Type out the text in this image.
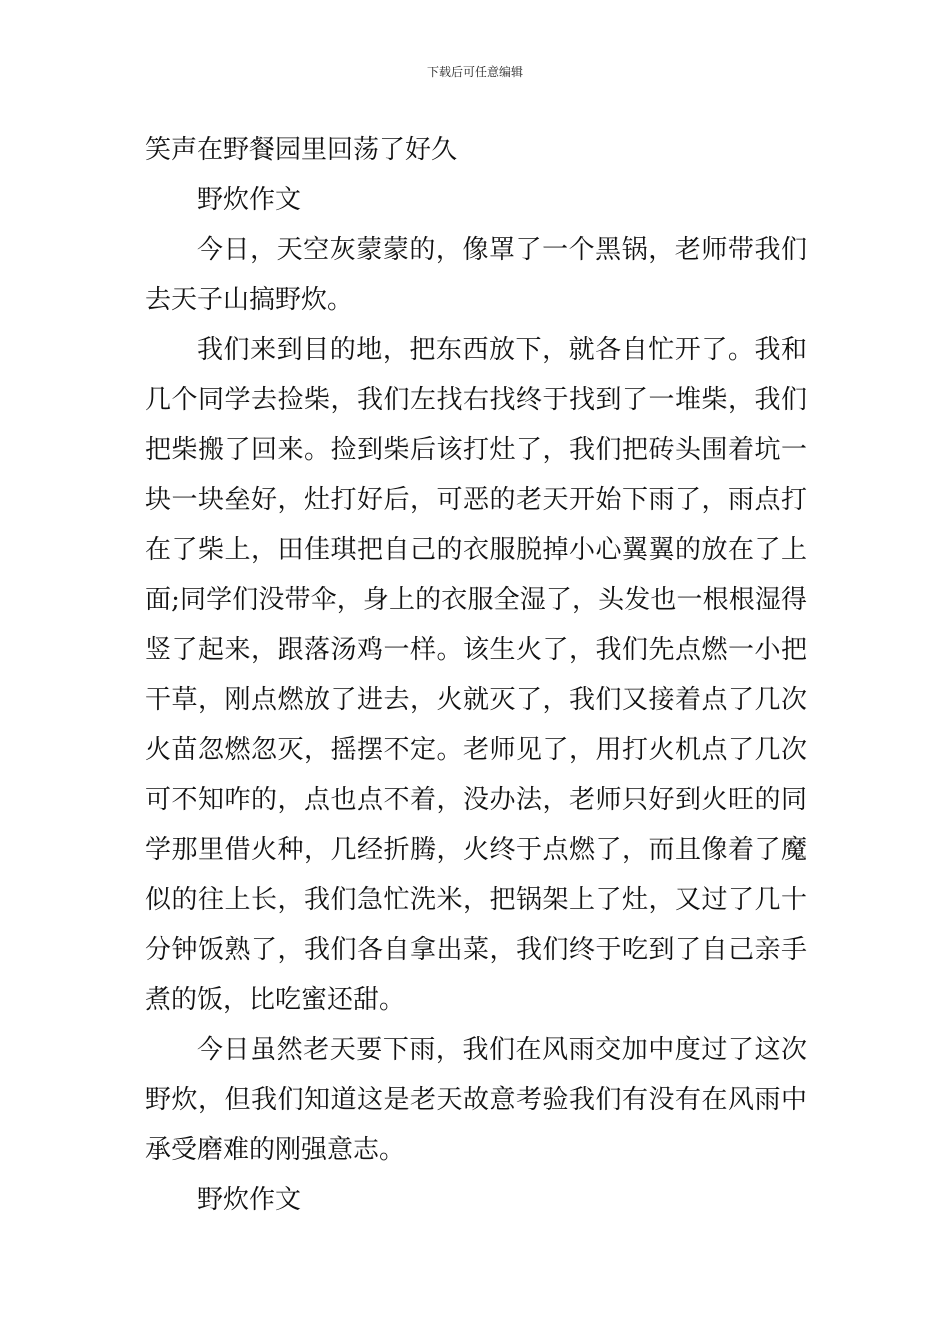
下载后可任意编辑

笑声在野餐园里回荡了好久

野炊作文

今日，天空灰蒙蒙的，像罩了一个黑锅，老师带我们去天子山搞野炊。

我们来到目的地，把东西放下，就各自忙开了。我和几个同学去捡柴，我们左找右找终于找到了一堆柴，我们把柴搬了回来。捡到柴后该打灶了，我们把砖头围着坑一块一块垒好，灶打好后，可恶的老天开始下雨了，雨点打在了柴上，田佳琪把自己的衣服脱掉小心翼翼的放在了上面;同学们没带伞，身上的衣服全湿了，头发也一根根湿得竖了起来，跟落汤鸡一样。该生火了，我们先点燃一小把干草，刚点燃放了进去，火就灭了，我们又接着点了几次火苗忽燃忽灭，摇摆不定。老师见了，用打火机点了几次可不知咋的，点也点不着，没办法，老师只好到火旺的同学那里借火种，几经折腾，火终于点燃了，而且像着了魔似的往上长，我们急忙洗米，把锅架上了灶，又过了几十分钟饭熟了，我们各自拿出菜，我们终于吃到了自己亲手煮的饭，比吃蜜还甜。

今日虽然老天要下雨，我们在风雨交加中度过了这次野炊，但我们知道这是老天故意考验我们有没有在风雨中承受磨难的刚强意志。

野炊作文
